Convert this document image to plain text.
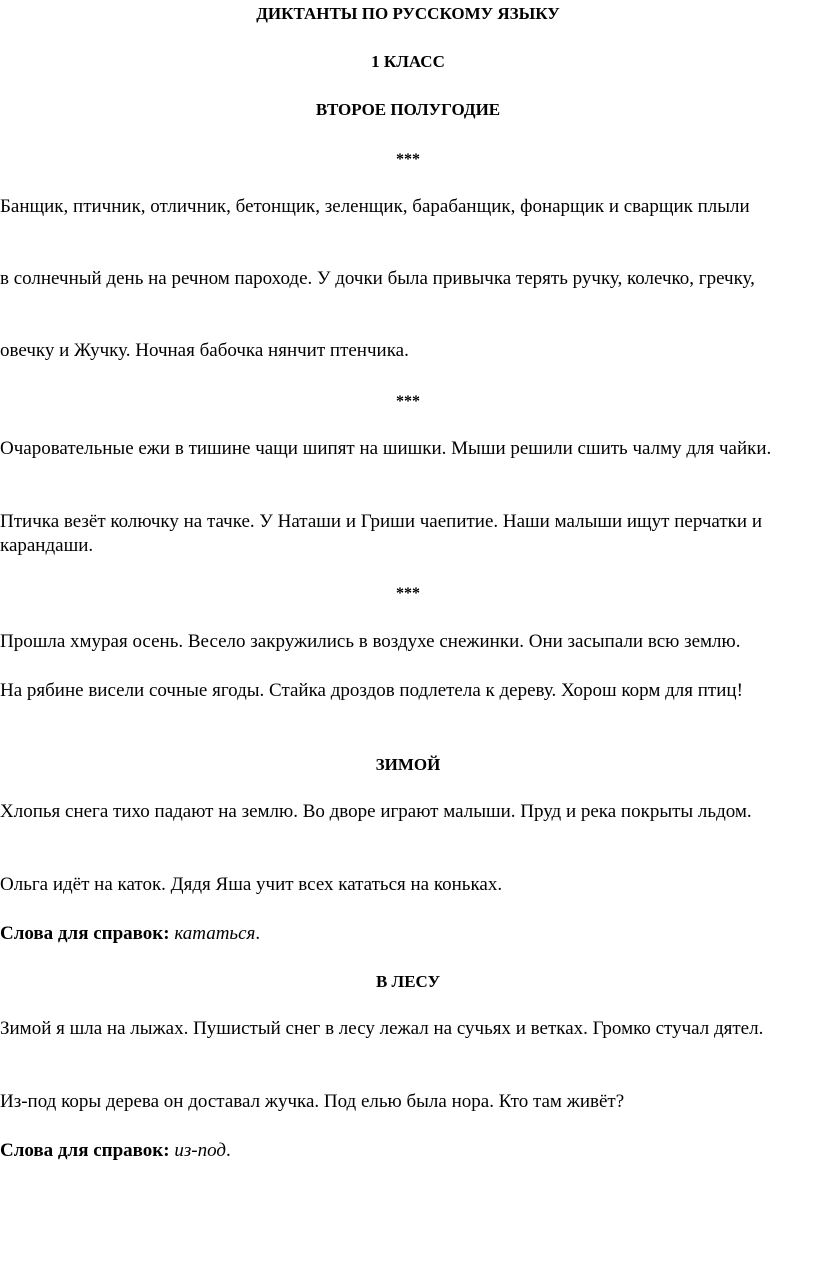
ДИКТАНТЫ ПО РУССКОМУ ЯЗЫКУ

1 КЛАСС

ВТОРОЕ ПОЛУГОДИЕ

***

Банщик, птичник, отличник, бетонщик, зеленщик, барабанщик, фонарщик и сварщик плыли

в солнечный день на речном пароходе. У дочки была привычка терять ручку, колечко, гречку,

овечку и Жучку. Ночная бабочка нянчит птенчика.

***

Очаровательные ежи в тишине чащи шипят на шишки. Мыши решили сшить чалму для чайки.

Птичка везёт колючку на тачке. У Наташи и Гриши чаепитие. Наши малыши ищут перчатки и карандаши.

***

Прошла хмурая осень. Весело закружились в воздухе снежинки. Они засыпали всю землю.

На рябине висели сочные ягоды. Стайка дроздов подлетела к дереву. Хорош корм для птиц!

ЗИМОЙ

Хлопья снега тихо падают на землю. Во дворе играют малыши. Пруд и река покрыты льдом.

Ольга идёт на каток. Дядя Яша учит всех кататься на коньках.

Слова для справок: кататься.

В ЛЕСУ

Зимой я шла на лыжах. Пушистый снег в лесу лежал на сучьях и ветках. Громко стучал дятел.

Из-под коры дерева он доставал жучка. Под елью была нора. Кто там живёт?

Слова для справок: из-под.
